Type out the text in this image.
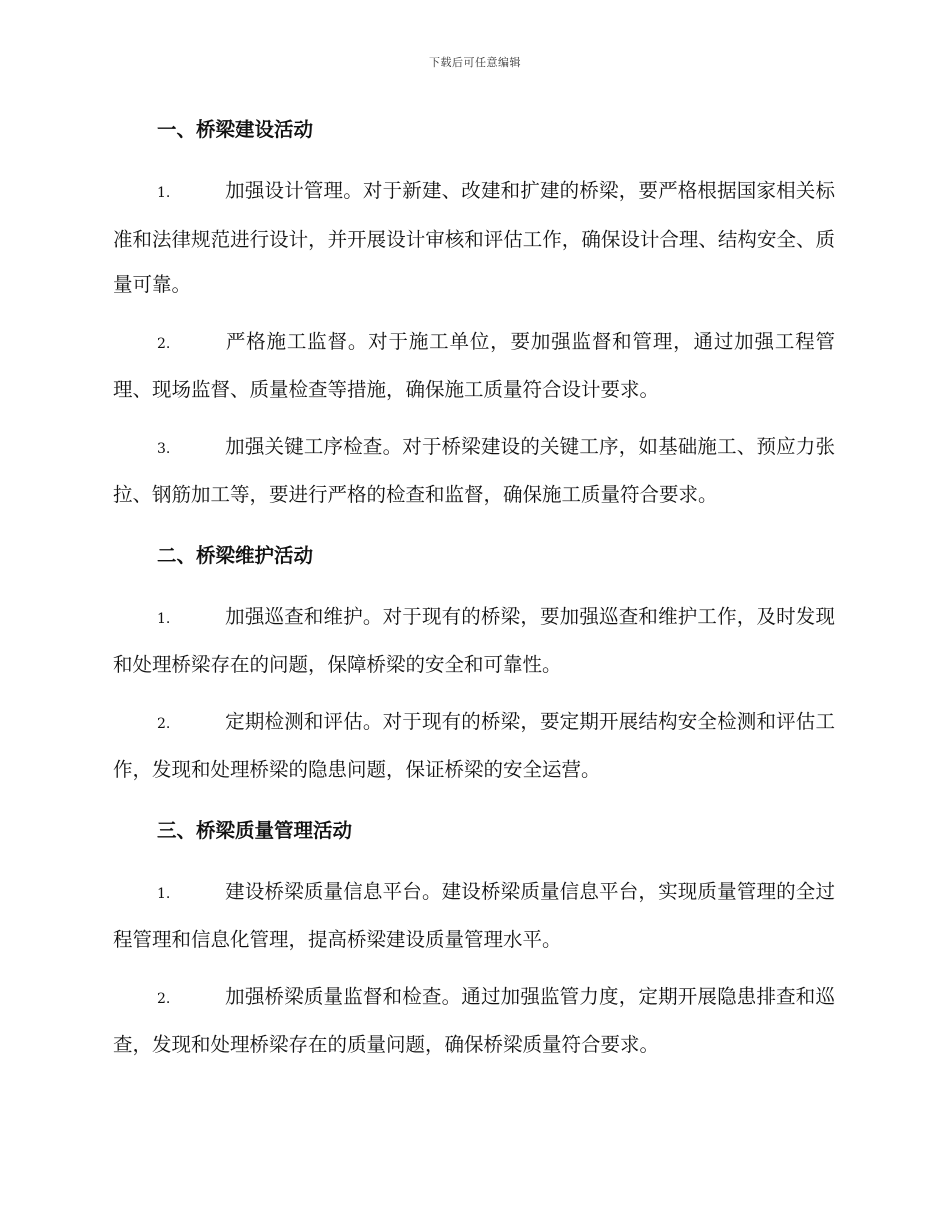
下载后可任意编辑
一、桥梁建设活动

1.	加强设计管理。对于新建、改建和扩建的桥梁，要严格根据国家相关标准和法律规范进行设计，并开展设计审核和评估工作，确保设计合理、结构安全、质量可靠。

2.	严格施工监督。对于施工单位，要加强监督和管理，通过加强工程管理、现场监督、质量检查等措施，确保施工质量符合设计要求。

3.	加强关键工序检查。对于桥梁建设的关键工序，如基础施工、预应力张拉、钢筋加工等，要进行严格的检查和监督，确保施工质量符合要求。

二、桥梁维护活动

1.	加强巡查和维护。对于现有的桥梁，要加强巡查和维护工作，及时发现和处理桥梁存在的问题，保障桥梁的安全和可靠性。

2.	定期检测和评估。对于现有的桥梁，要定期开展结构安全检测和评估工作，发现和处理桥梁的隐患问题，保证桥梁的安全运营。

三、桥梁质量管理活动

1.	建设桥梁质量信息平台。建设桥梁质量信息平台，实现质量管理的全过程管理和信息化管理，提高桥梁建设质量管理水平。

2.	加强桥梁质量监督和检查。通过加强监管力度，定期开展隐患排查和巡查，发现和处理桥梁存在的质量问题，确保桥梁质量符合要求。
